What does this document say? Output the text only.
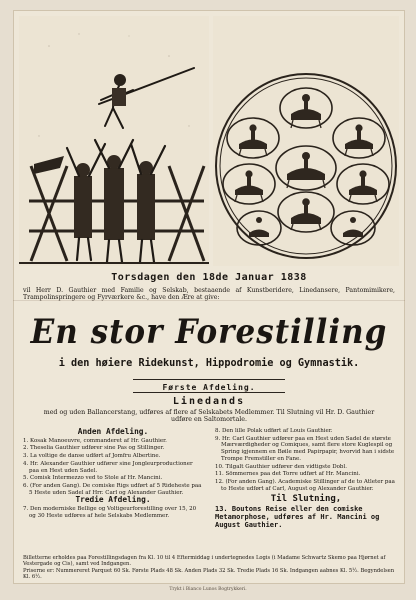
Torsdagen den 18de Januar 1838
vil Herr D. Gauthier med Familie og Selskab, bestaaende af Kunstberidere, Linedansere, Pantomimikere, Trampolinspringere og Fyrværkere &c., have den Ære at give:
En stor Forestilling
i den høiere Ridekunst, Hippodromie og Gymnastik.
Første Afdeling.
Linedands
med og uden Ballancerstang, udføres af flere af Selskabets Medlemmer. Til Slutning vil Hr. D. Gauthier udføre en Saltomortale.
Anden Afdeling.
1. Kosak Manoeuvre, commanderet af Hr. Gauthier.
2. Theselia Gauthier udfører sine Pas og Stillinger.
3. La voltige de danse udført af Jomfru Albertine.
4. Hr. Alexander Gauthier udfører sine Jongleurproductioner paa en Hest uden Sadel.
5. Comisk Intermezzo ved to Stole af Hr. Mancini.
6. (For anden Gang). De comiske Rigs udført af 5 Rideheste paa 5 Heste uden Sadel af Hrr. Carl og Alexander Gauthier.
Tredie Afdeling.
7. Den moderniske Bellige og Voltigeurforestilling over 15, 20 og 30 Heste udføres af hele Selskabs Medlemmer.
8. Den lille Polak udført af Louis Gauthier.
9. Hr. Carl Gauthier udfører paa en Hest uden Sadel de største Mærværdigheder og Comiques, samt flere store Kuglespil og Spring igjennem en Bøile med Papirpapir, hvorvid han i sidste Trompe Fremstiller en Fane.
10. Tilgalt Gauthier udfører den vidtigste Dobl.
11. Sömmernes paa det Torre udført af Hr. Mancini.
12. (For anden Gang). Academiske Stillinger af de to Atleter paa to Heste udført af Carl, August og Alexander Gauthier.
Til Slutning,
13. Boutons Reise eller den comiske Metamorphose, udføres af Hr. Mancini og August Gauthier.
Billetterne erholdes paa Forestillingsdagen fra Kl. 10 til 4 Eftermiddag i undertegnedes Logis (i Madame Schwartz Skemo paa Hjørnet af Vestergade og Cis), samt ved Indgangen.
Priserne er: Nummereret Parquet 60 Sk. Første Plads 48 Sk. Anden Plads 32 Sk. Tredie Plads 16 Sk. Indgangen aabnes Kl. 5½. Begyndelsen Kl. 6½.
Trykt i Bianco Lunos Bogtrykkeri.
